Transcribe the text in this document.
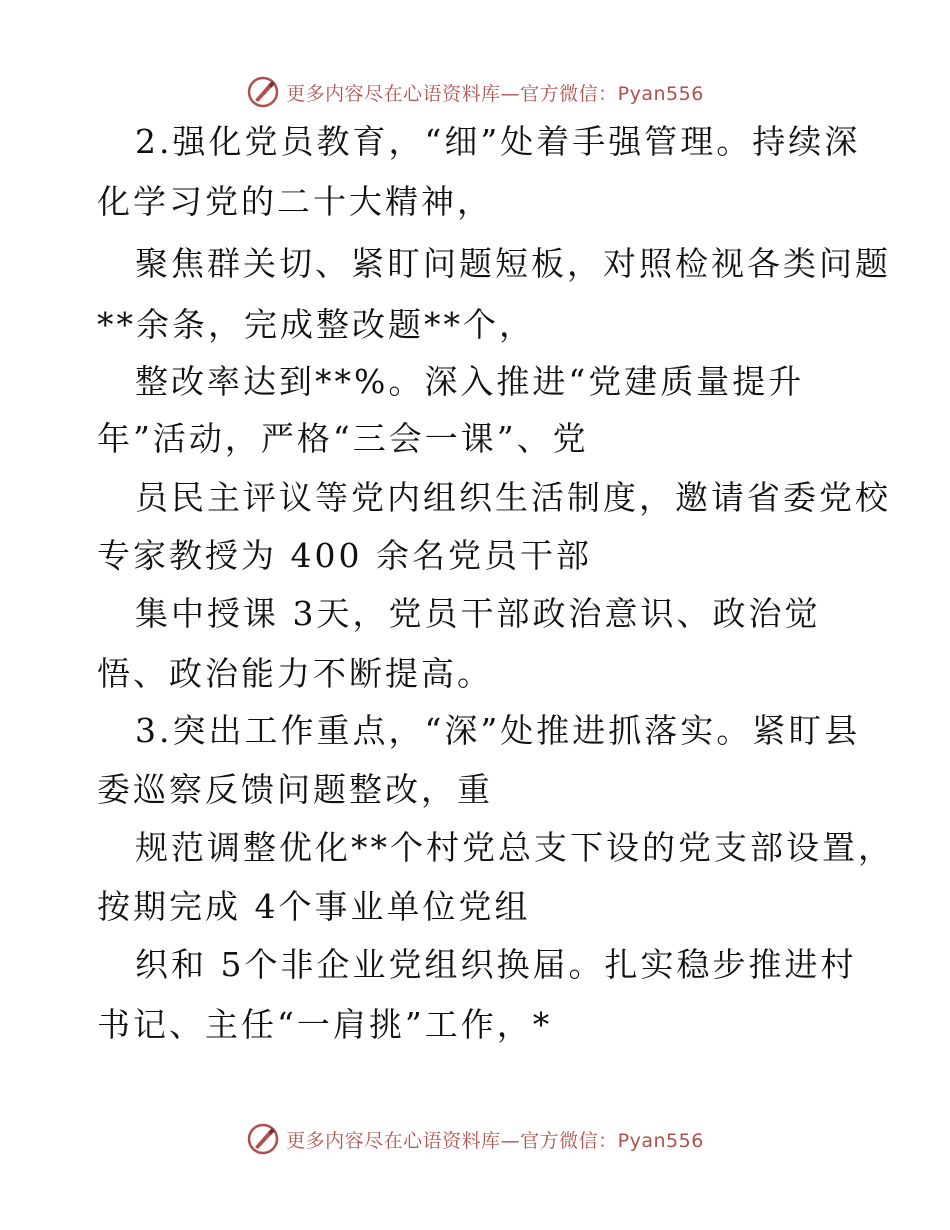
更多内容尽在心语资料库—官方微信：Pyan556
2.强化党员教育，“细”处着手强管理。持续深
化学习党的二十大精神，
聚焦群关切、紧盯问题短板，对照检视各类问题
**余条，完成整改题**个，
整改率达到**%。深入推进“党建质量提升
年”活动，严格“三会一课”、党
员民主评议等党内组织生活制度，邀请省委党校
专家教授为 400 余名党员干部
集中授课 3天，党员干部政治意识、政治觉
悟、政治能力不断提高。
3.突出工作重点，“深”处推进抓落实。紧盯县
委巡察反馈问题整改，重
规范调整优化**个村党总支下设的党支部设置，
按期完成 4个事业单位党组
织和 5个非企业党组织换届。扎实稳步推进村
书记、主任“一肩挑”工作，*
更多内容尽在心语资料库—官方微信：Pyan556
